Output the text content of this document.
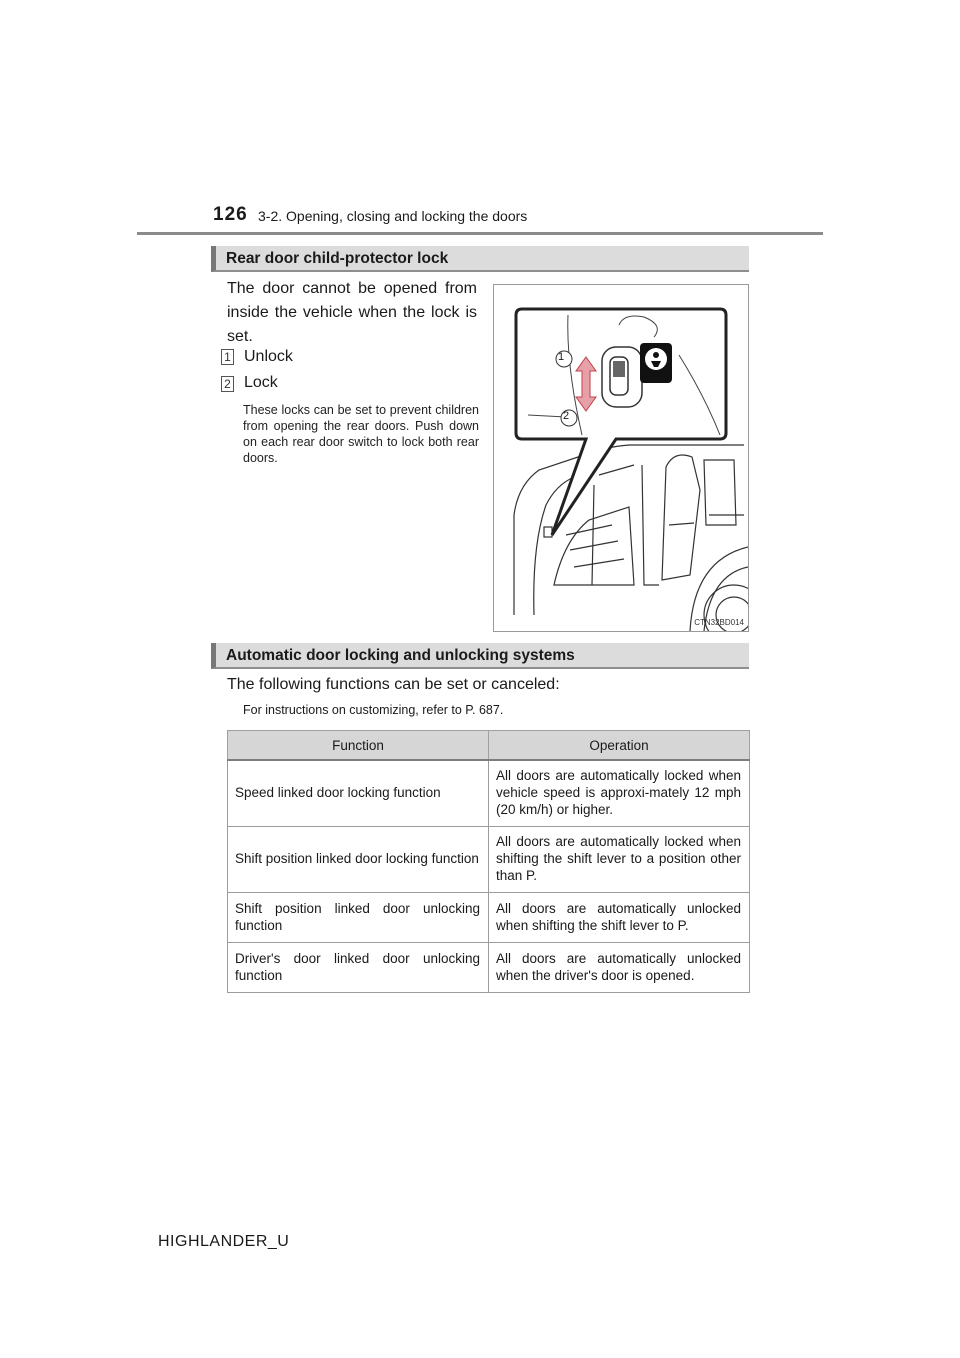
126 3-2. Opening, closing and locking the doors
Rear door child-protector lock
The door cannot be opened from inside the vehicle when the lock is set.
1 Unlock
2 Lock
These locks can be set to prevent children from opening the rear doors. Push down on each rear door switch to lock both rear doors.
1
2
CTN32BD014
Automatic door locking and unlocking systems
The following functions can be set or canceled:
For instructions on customizing, refer to P. 687.
Function	Operation
Speed linked door locking function	All doors are automatically locked when vehicle speed is approxi-mately 12 mph (20 km/h) or higher.
Shift position linked door locking function	All doors are automatically locked when shifting the shift lever to a position other than P.
Shift position linked door unlocking function	All doors are automatically unlocked when shifting the shift lever to P.
Driver's door linked door unlocking function	All doors are automatically unlocked when the driver's door is opened.
HIGHLANDER_U
